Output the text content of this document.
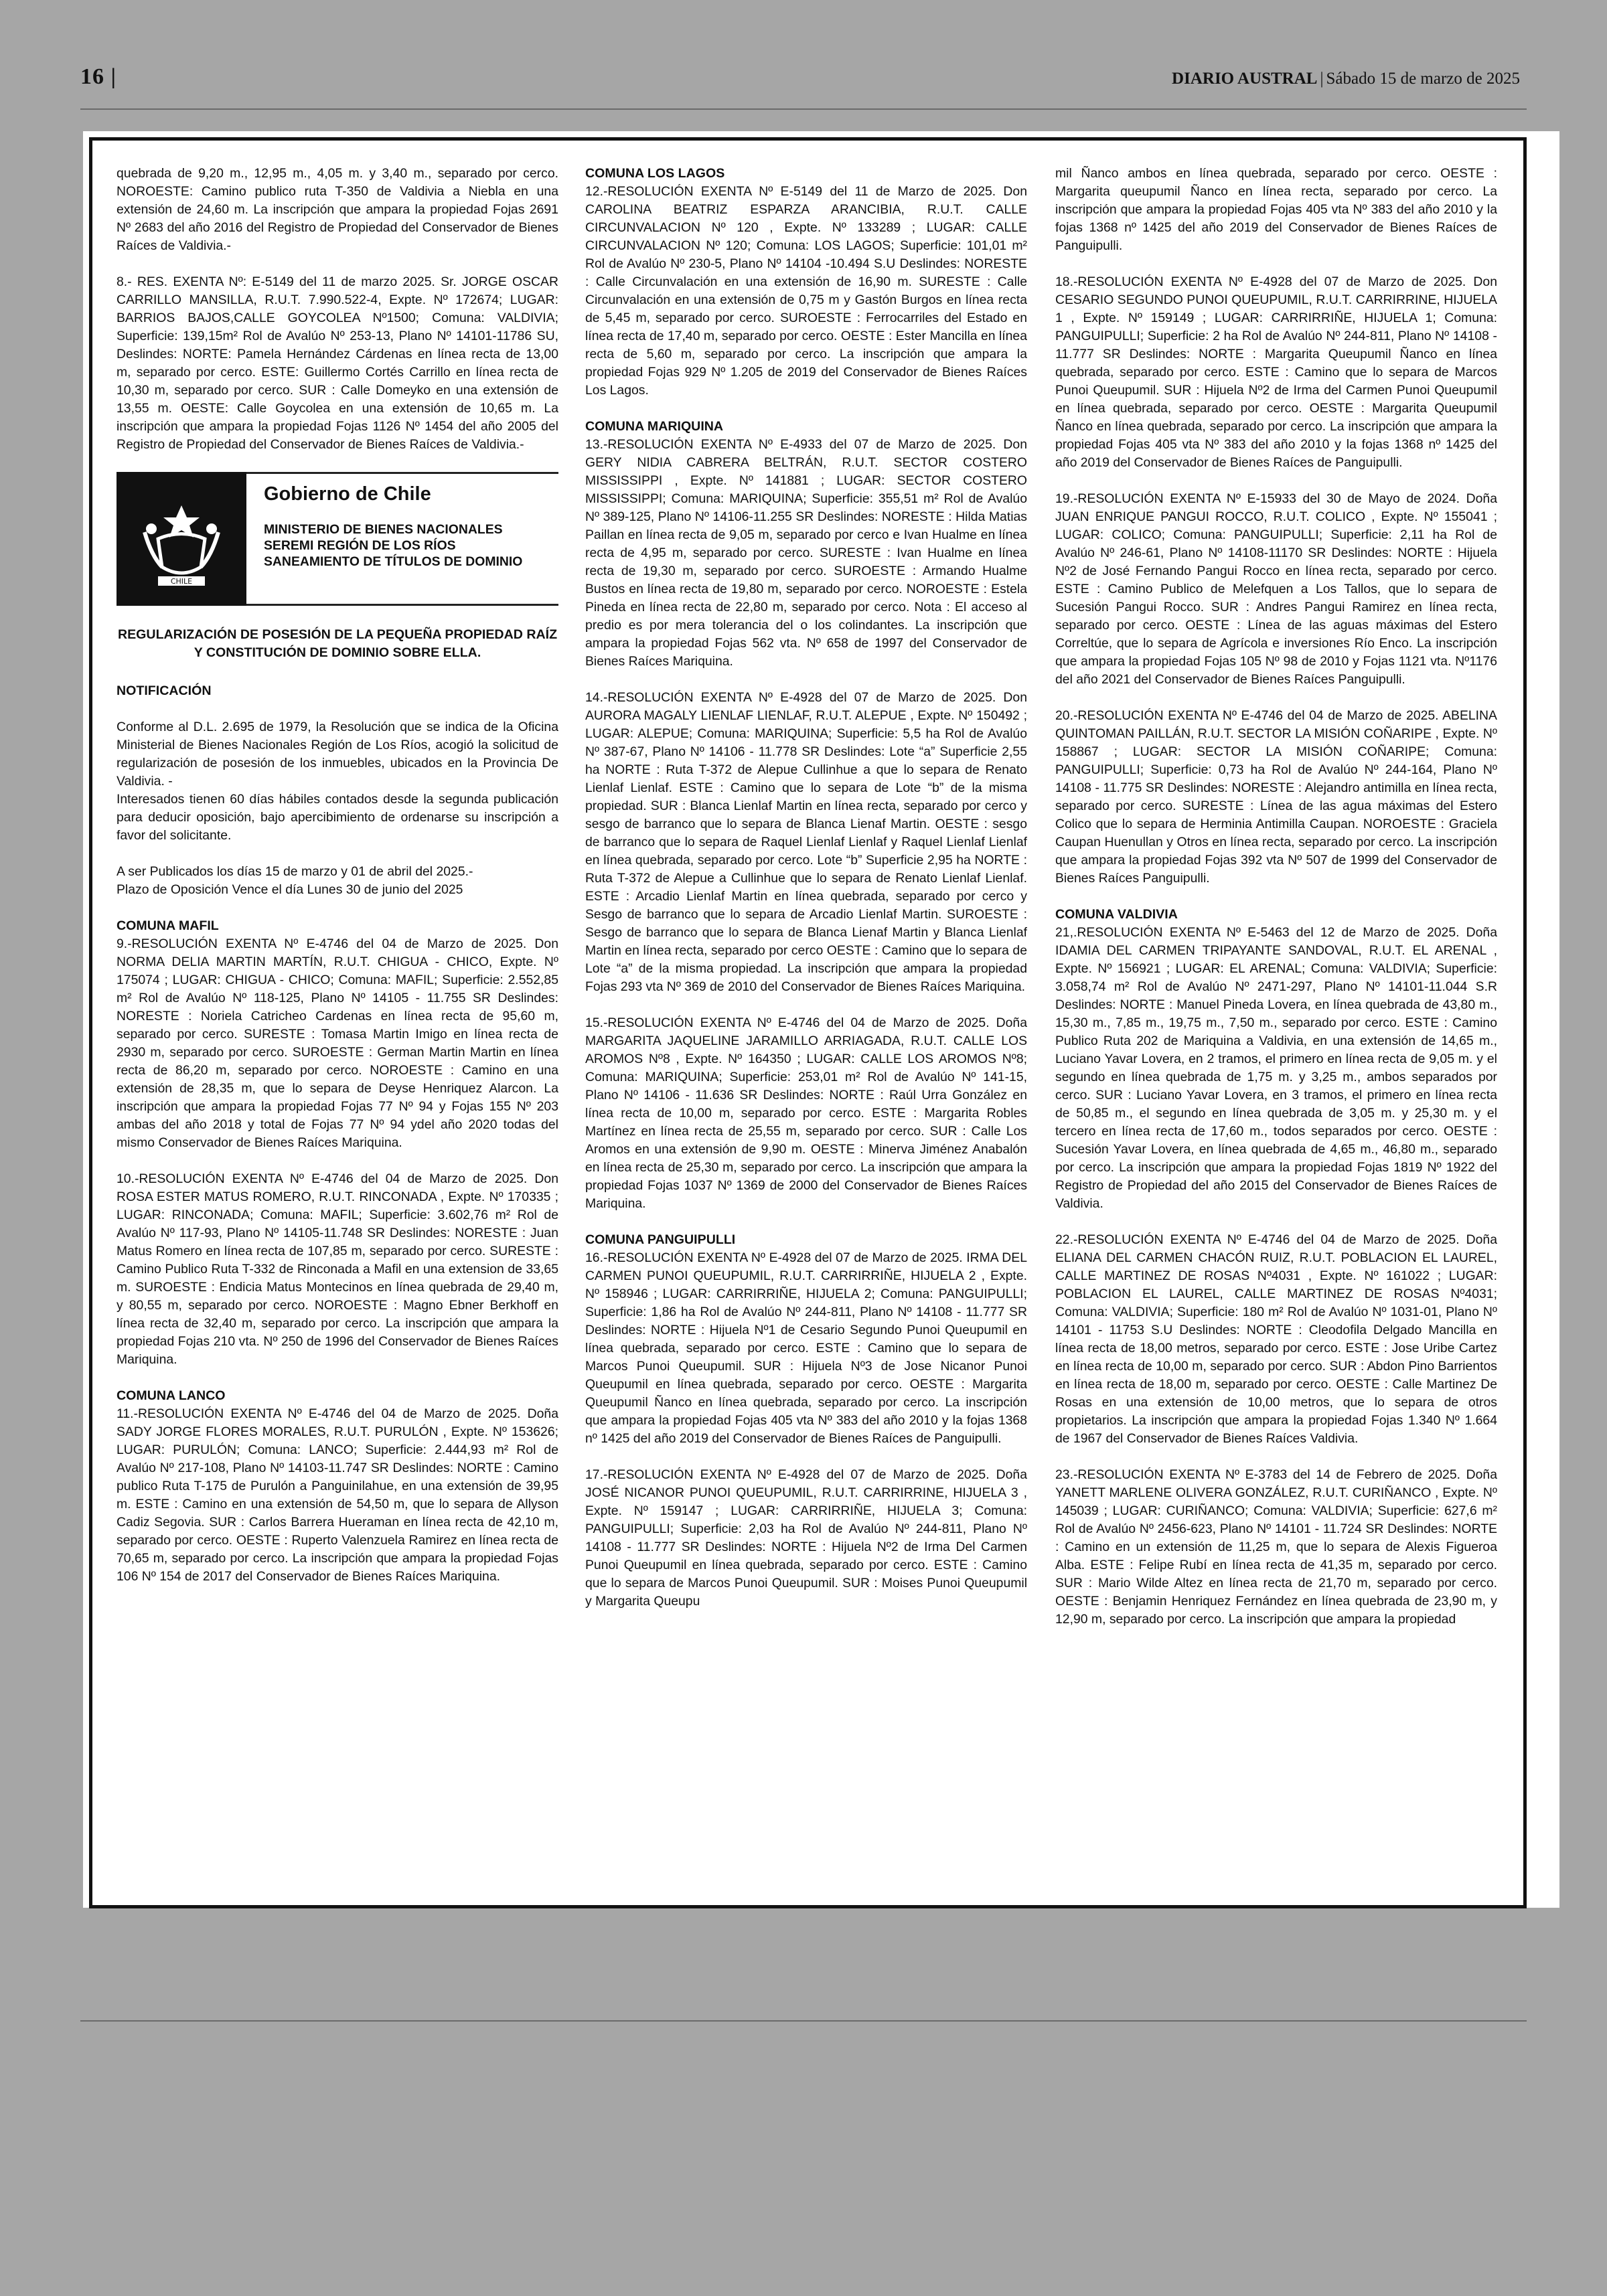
16 |	DIARIO AUSTRAL | Sábado 15 de marzo de 2025

quebrada de 9,20 m., 12,95 m., 4,05 m. y 3,40 m., separado por cerco. NOROESTE: Camino publico ruta T-350 de Valdivia a Niebla en una extensión de 24,60 m. La inscripción que ampara la propiedad Fojas 2691 Nº 2683 del año 2016 del Registro de Propiedad del Conservador de Bienes Raíces de Valdivia.-

8.- RES. EXENTA Nº: E-5149 del 11 de marzo 2025. Sr. JORGE OSCAR CARRILLO MANSILLA, R.U.T. 7.990.522-4, Expte. Nº 172674; LUGAR: BARRIOS BAJOS,CALLE GOYCOLEA Nº1500; Comuna: VALDIVIA; Superficie: 139,15m² Rol de Avalúo Nº 253-13, Plano Nº 14101-11786 SU, Deslindes: NORTE: Pamela Hernández Cárdenas en línea recta de 13,00 m, separado por cerco. ESTE: Guillermo Cortés Carrillo en línea recta de 10,30 m, separado por cerco. SUR : Calle Domeyko en una extensión de 13,55 m. OESTE: Calle Goycolea en una extensión de 10,65 m. La inscripción que ampara la propiedad Fojas 1126 Nº 1454 del año 2005 del Registro de Propiedad del Conservador de Bienes Raíces de Valdivia.-

CHILE
Gobierno de Chile
MINISTERIO DE BIENES NACIONALES
SEREMI REGIÓN DE LOS RÍOS
SANEAMIENTO DE TÍTULOS DE DOMINIO
REGULARIZACIÓN DE POSESIÓN DE LA PEQUEÑA PROPIEDAD RAÍZ Y CONSTITUCIÓN DE DOMINIO SOBRE ELLA.

NOTIFICACIÓN

Conforme al D.L. 2.695 de 1979, la Resolución que se indica de la Oficina Ministerial de Bienes Nacionales Región de Los Ríos, acogió la solicitud de regularización de posesión de los inmuebles, ubicados en la Provincia De Valdivia. -

Interesados tienen 60 días hábiles contados desde la segunda publicación para deducir oposición, bajo apercibimiento de ordenarse su inscripción a favor del solicitante.

A ser Publicados los días 15 de marzo y 01 de abril del 2025.-

Plazo de Oposición Vence el día Lunes 30 de junio del 2025

COMUNA MAFIL

9.-RESOLUCIÓN EXENTA Nº E-4746 del 04 de Marzo de 2025. Don NORMA DELIA MARTIN MARTÍN, R.U.T. CHIGUA - CHICO, Expte. Nº 175074 ; LUGAR: CHIGUA - CHICO; Comuna: MAFIL; Superficie: 2.552,85 m² Rol de Avalúo Nº 118-125, Plano Nº 14105 - 11.755 SR Deslindes: NORESTE : Noriela Catricheo Cardenas en línea recta de 95,60 m, separado por cerco. SURESTE : Tomasa Martin Imigo en línea recta de 2930 m, separado por cerco. SUROESTE : German Martin Martin en línea recta de 86,20 m, separado por cerco. NOROESTE : Camino en una extensión de 28,35 m, que lo separa de Deyse Henriquez Alarcon. La inscripción que ampara la propiedad Fojas 77 Nº 94 y Fojas 155 Nº 203 ambas del año 2018 y total de Fojas 77 Nº 94 ydel año 2020 todas del mismo Conservador de Bienes Raíces Mariquina.

10.-RESOLUCIÓN EXENTA Nº E-4746 del 04 de Marzo de 2025. Don ROSA ESTER MATUS ROMERO, R.U.T. RINCONADA , Expte. Nº 170335 ; LUGAR: RINCONADA; Comuna: MAFIL; Superficie: 3.602,76 m² Rol de Avalúo Nº 117-93, Plano Nº 14105-11.748 SR Deslindes: NORESTE : Juan Matus Romero en línea recta de 107,85 m, separado por cerco. SURESTE : Camino Publico Ruta T-332 de Rinconada a Mafil en una extension de 33,65 m. SUROESTE : Endicia Matus Montecinos en línea quebrada de 29,40 m, y 80,55 m, separado por cerco. NOROESTE : Magno Ebner Berkhoff en línea recta de 32,40 m, separado por cerco. La inscripción que ampara la propiedad Fojas 210 vta. Nº 250 de 1996 del Conservador de Bienes Raíces Mariquina.

COMUNA LANCO

11.-RESOLUCIÓN EXENTA Nº E-4746 del 04 de Marzo de 2025. Doña SADY JORGE FLORES MORALES, R.U.T. PURULÓN , Expte. Nº 153626; LUGAR: PURULÓN; Comuna: LANCO; Superficie: 2.444,93 m² Rol de Avalúo Nº 217-108, Plano Nº 14103-11.747 SR Deslindes: NORTE : Camino publico Ruta T-175 de Purulón a Panguinilahue, en una extensión de 39,95 m. ESTE : Camino en una extensión de 54,50 m, que lo separa de Allyson Cadiz Segovia. SUR : Carlos Barrera Hueraman en línea recta de 42,10 m, separado por cerco. OESTE : Ruperto Valenzuela Ramirez en línea recta de 70,65 m, separado por cerco. La inscripción que ampara la propiedad Fojas 106 Nº 154 de 2017 del Conservador de Bienes Raíces Mariquina.

COMUNA LOS LAGOS

12.-RESOLUCIÓN EXENTA Nº E-5149 del 11 de Marzo de 2025. Don CAROLINA BEATRIZ ESPARZA ARANCIBIA, R.U.T. CALLE CIRCUNVALACION Nº 120 , Expte. Nº 133289 ; LUGAR: CALLE CIRCUNVALACION Nº 120; Comuna: LOS LAGOS; Superficie: 101,01 m² Rol de Avalúo Nº 230-5, Plano Nº 14104 -10.494 S.U Deslindes: NORESTE : Calle Circunvalación en una extensión de 16,90 m. SURESTE : Calle Circunvalación en una extensión de 0,75 m y Gastón Burgos en línea recta de 5,45 m, separado por cerco. SUROESTE : Ferrocarriles del Estado en línea recta de 17,40 m, separado por cerco. OESTE : Ester Mancilla en línea recta de 5,60 m, separado por cerco. La inscripción que ampara la propiedad Fojas 929 Nº 1.205 de 2019 del Conservador de Bienes Raíces Los Lagos.

COMUNA MARIQUINA

13.-RESOLUCIÓN EXENTA Nº E-4933 del 07 de Marzo de 2025. Don GERY NIDIA CABRERA BELTRÁN, R.U.T. SECTOR COSTERO MISSISSIPPI , Expte. Nº 141881 ; LUGAR: SECTOR COSTERO MISSISSIPPI; Comuna: MARIQUINA; Superficie: 355,51 m² Rol de Avalúo Nº 389-125, Plano Nº 14106-11.255 SR Deslindes: NORESTE : Hilda Matias Paillan en línea recta de 9,05 m, separado por cerco e Ivan Hualme en línea recta de 4,95 m, separado por cerco. SURESTE : Ivan Hualme en línea recta de 19,30 m, separado por cerco. SUROESTE : Armando Hualme Bustos en línea recta de 19,80 m, separado por cerco. NOROESTE : Estela Pineda en línea recta de 22,80 m, separado por cerco. Nota : El acceso al predio es por mera tolerancia del o los colindantes. La inscripción que ampara la propiedad Fojas 562 vta. Nº 658 de 1997 del Conservador de Bienes Raíces Mariquina.

14.-RESOLUCIÓN EXENTA Nº E-4928 del 07 de Marzo de 2025. Don AURORA MAGALY LIENLAF LIENLAF, R.U.T. ALEPUE , Expte. Nº 150492 ; LUGAR: ALEPUE; Comuna: MARIQUINA; Superficie: 5,5 ha Rol de Avalúo Nº 387-67, Plano Nº 14106 - 11.778 SR Deslindes: Lote “a” Superficie 2,55 ha NORTE : Ruta T-372 de Alepue Cullinhue a que lo separa de Renato Lienlaf Lienlaf. ESTE : Camino que lo separa de Lote “b” de la misma propiedad. SUR : Blanca Lienlaf Martin en línea recta, separado por cerco y sesgo de barranco que lo separa de Blanca Lienaf Martin. OESTE : sesgo de barranco que lo separa de Raquel Lienlaf Lienlaf y Raquel Lienlaf Lienlaf en línea quebrada, separado por cerco. Lote “b” Superficie 2,95 ha NORTE : Ruta T-372 de Alepue a Cullinhue que lo separa de Renato Lienlaf Lienlaf. ESTE : Arcadio Lienlaf Martin en línea quebrada, separado por cerco y Sesgo de barranco que lo separa de Arcadio Lienlaf Martin. SUROESTE : Sesgo de barranco que lo separa de Blanca Lienaf Martin y Blanca Lienlaf Martin en línea recta, separado por cerco OESTE : Camino que lo separa de Lote “a” de la misma propiedad. La inscripción que ampara la propiedad Fojas 293 vta Nº 369 de 2010 del Conservador de Bienes Raíces Mariquina.

15.-RESOLUCIÓN EXENTA Nº E-4746 del 04 de Marzo de 2025. Doña MARGARITA JAQUELINE JARAMILLO ARRIAGADA, R.U.T. CALLE LOS AROMOS Nº8 , Expte. Nº 164350 ; LUGAR: CALLE LOS AROMOS Nº8; Comuna: MARIQUINA; Superficie: 253,01 m² Rol de Avalúo Nº 141-15, Plano Nº 14106 - 11.636 SR Deslindes: NORTE : Raúl Urra González en línea recta de 10,00 m, separado por cerco. ESTE : Margarita Robles Martínez en línea recta de 25,55 m, separado por cerco. SUR : Calle Los Aromos en una extensión de 9,90 m. OESTE : Minerva Jiménez Anabalón en línea recta de 25,30 m, separado por cerco. La inscripción que ampara la propiedad Fojas 1037 Nº 1369 de 2000 del Conservador de Bienes Raíces Mariquina.

COMUNA PANGUIPULLI

16.-RESOLUCIÓN EXENTA Nº E-4928 del 07 de Marzo de 2025. IRMA DEL CARMEN PUNOI QUEUPUMIL, R.U.T. CARRIRRIÑE, HIJUELA 2 , Expte. Nº 158946 ; LUGAR: CARRIRRIÑE, HIJUELA 2; Comuna: PANGUIPULLI; Superficie: 1,86 ha Rol de Avalúo Nº 244-811, Plano Nº 14108 - 11.777 SR Deslindes: NORTE : Hijuela Nº1 de Cesario Segundo Punoi Queupumil en línea quebrada, separado por cerco. ESTE : Camino que lo separa de Marcos Punoi Queupumil. SUR : Hijuela Nº3 de Jose Nicanor Punoi Queupumil en línea quebrada, separado por cerco. OESTE : Margarita Queupumil Ñanco en línea quebrada, separado por cerco. La inscripción que ampara la propiedad Fojas 405 vta Nº 383 del año 2010 y la fojas 1368 nº 1425 del año 2019 del Conservador de Bienes Raíces de Panguipulli.

17.-RESOLUCIÓN EXENTA Nº E-4928 del 07 de Marzo de 2025. Doña JOSÉ NICANOR PUNOI QUEUPUMIL, R.U.T. CARRIRRINE, HIJUELA 3 , Expte. Nº 159147 ; LUGAR: CARRIRRIÑE, HIJUELA 3; Comuna: PANGUIPULLI; Superficie: 2,03 ha Rol de Avalúo Nº 244-811, Plano Nº 14108 - 11.777 SR Deslindes: NORTE : Hijuela Nº2 de Irma Del Carmen Punoi Queupumil en línea quebrada, separado por cerco. ESTE : Camino que lo separa de Marcos Punoi Queupumil. SUR : Moises Punoi Queupumil y Margarita Queupu

mil Ñanco ambos en línea quebrada, separado por cerco. OESTE : Margarita queupumil Ñanco en línea recta, separado por cerco. La inscripción que ampara la propiedad Fojas 405 vta Nº 383 del año 2010 y la fojas 1368 nº 1425 del año 2019 del Conservador de Bienes Raíces de Panguipulli.

18.-RESOLUCIÓN EXENTA Nº E-4928 del 07 de Marzo de 2025. Don CESARIO SEGUNDO PUNOI QUEUPUMIL, R.U.T. CARRIRRINE, HIJUELA 1 , Expte. Nº 159149 ; LUGAR: CARRIRRIÑE, HIJUELA 1; Comuna: PANGUIPULLI; Superficie: 2 ha Rol de Avalúo Nº 244-811, Plano Nº 14108 - 11.777 SR Deslindes: NORTE : Margarita Queupumil Ñanco en línea quebrada, separado por cerco. ESTE : Camino que lo separa de Marcos Punoi Queupumil. SUR : Hijuela Nº2 de Irma del Carmen Punoi Queupumil en línea quebrada, separado por cerco. OESTE : Margarita Queupumil Ñanco en línea quebrada, separado por cerco. La inscripción que ampara la propiedad Fojas 405 vta Nº 383 del año 2010 y la fojas 1368 nº 1425 del año 2019 del Conservador de Bienes Raíces de Panguipulli.

19.-RESOLUCIÓN EXENTA Nº E-15933 del 30 de Mayo de 2024. Doña JUAN ENRIQUE PANGUI ROCCO, R.U.T. COLICO , Expte. Nº 155041 ; LUGAR: COLICO; Comuna: PANGUIPULLI; Superficie: 2,11 ha Rol de Avalúo Nº 246-61, Plano Nº 14108-11170 SR Deslindes: NORTE : Hijuela Nº2 de José Fernando Pangui Rocco en línea recta, separado por cerco. ESTE : Camino Publico de Melefquen a Los Tallos, que lo separa de Sucesión Pangui Rocco. SUR : Andres Pangui Ramirez en línea recta, separado por cerco. OESTE : Línea de las aguas máximas del Estero Correltúe, que lo separa de Agrícola e inversiones Río Enco. La inscripción que ampara la propiedad Fojas 105 Nº 98 de 2010 y Fojas 1121 vta. Nº1176 del año 2021 del Conservador de Bienes Raíces Panguipulli.

20.-RESOLUCIÓN EXENTA Nº E-4746 del 04 de Marzo de 2025. ABELINA QUINTOMAN PAILLÁN, R.U.T. SECTOR LA MISIÓN COÑARIPE , Expte. Nº 158867 ; LUGAR: SECTOR LA MISIÓN COÑARIPE; Comuna: PANGUIPULLI; Superficie: 0,73 ha Rol de Avalúo Nº 244-164, Plano Nº 14108 - 11.775 SR Deslindes: NORESTE : Alejandro antimilla en línea recta, separado por cerco. SURESTE : Línea de las agua máximas del Estero Colico que lo separa de Herminia Antimilla Caupan. NOROESTE : Graciela Caupan Huenullan y Otros en línea recta, separado por cerco. La inscripción que ampara la propiedad Fojas 392 vta Nº 507 de 1999 del Conservador de Bienes Raíces Panguipulli.

COMUNA VALDIVIA

21,.RESOLUCIÓN EXENTA Nº E-5463 del 12 de Marzo de 2025. Doña IDAMIA DEL CARMEN TRIPAYANTE SANDOVAL, R.U.T. EL ARENAL , Expte. Nº 156921 ; LUGAR: EL ARENAL; Comuna: VALDIVIA; Superficie: 3.058,74 m² Rol de Avalúo Nº 2471-297, Plano Nº 14101-11.044 S.R Deslindes: NORTE : Manuel Pineda Lovera, en línea quebrada de 43,80 m., 15,30 m., 7,85 m., 19,75 m., 7,50 m., separado por cerco. ESTE : Camino Publico Ruta 202 de Mariquina a Valdivia, en una extensión de 14,65 m., Luciano Yavar Lovera, en 2 tramos, el primero en línea recta de 9,05 m. y el segundo en línea quebrada de 1,75 m. y 3,25 m., ambos separados por cerco. SUR : Luciano Yavar Lovera, en 3 tramos, el primero en línea recta de 50,85 m., el segundo en línea quebrada de 3,05 m. y 25,30 m. y el tercero en línea recta de 17,60 m., todos separados por cerco. OESTE : Sucesión Yavar Lovera, en línea quebrada de 4,65 m., 46,80 m., separado por cerco. La inscripción que ampara la propiedad Fojas 1819 Nº 1922 del Registro de Propiedad del año 2015 del Conservador de Bienes Raíces de Valdivia.

22.-RESOLUCIÓN EXENTA Nº E-4746 del 04 de Marzo de 2025. Doña ELIANA DEL CARMEN CHACÓN RUIZ, R.U.T. POBLACION EL LAUREL, CALLE MARTINEZ DE ROSAS Nº4031 , Expte. Nº 161022 ; LUGAR: POBLACION EL LAUREL, CALLE MARTINEZ DE ROSAS Nº4031; Comuna: VALDIVIA; Superficie: 180 m² Rol de Avalúo Nº 1031-01, Plano Nº 14101 - 11753 S.U Deslindes: NORTE : Cleodofila Delgado Mancilla en línea recta de 18,00 metros, separado por cerco. ESTE : Jose Uribe Cartez en línea recta de 10,00 m, separado por cerco. SUR : Abdon Pino Barrientos en línea recta de 18,00 m, separado por cerco. OESTE : Calle Martinez De Rosas en una extensión de 10,00 metros, que lo separa de otros propietarios. La inscripción que ampara la propiedad Fojas 1.340 Nº 1.664 de 1967 del Conservador de Bienes Raíces Valdivia.

23.-RESOLUCIÓN EXENTA Nº E-3783 del 14 de Febrero de 2025. Doña YANETT MARLENE OLIVERA GONZÁLEZ, R.U.T. CURIÑANCO , Expte. Nº 145039 ; LUGAR: CURIÑANCO; Comuna: VALDIVIA; Superficie: 627,6 m² Rol de Avalúo Nº 2456-623, Plano Nº 14101 - 11.724 SR Deslindes: NORTE : Camino en un extensión de 11,25 m, que lo separa de Alexis Figueroa Alba. ESTE : Felipe Rubí en línea recta de 41,35 m, separado por cerco. SUR : Mario Wilde Altez en línea recta de 21,70 m, separado por cerco. OESTE : Benjamin Henriquez Fernández en línea quebrada de 23,90 m, y 12,90 m, separado por cerco. La inscripción que ampara la propiedad
